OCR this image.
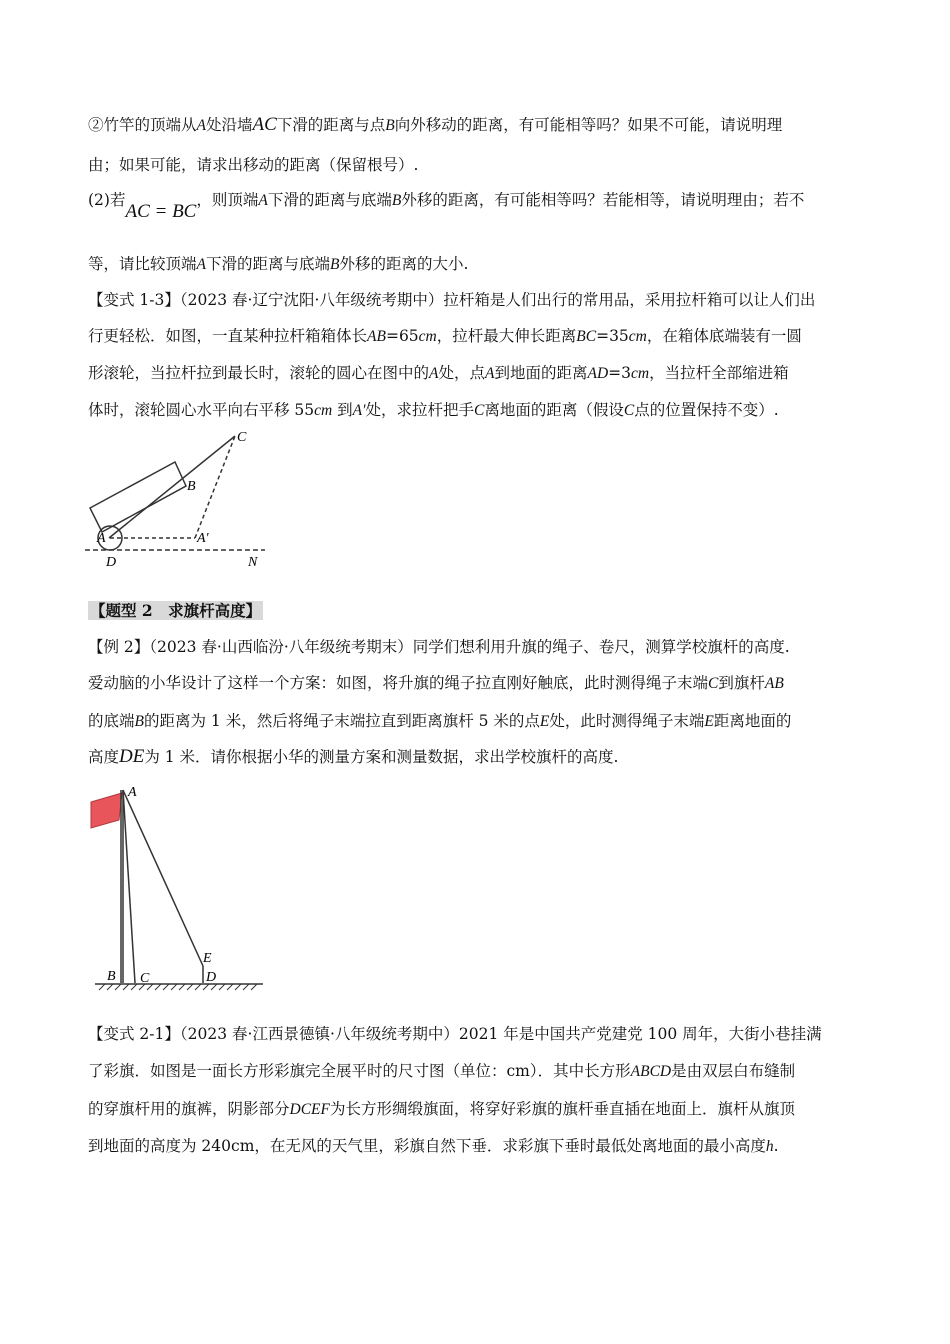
②竹竿的顶端从A处沿墙AC下滑的距离与点B向外移动的距离，有可能相等吗？如果不可能，请说明理
由；如果可能，请求出移动的距离（保留根号）.
(2)若AC = BC，则顶端A下滑的距离与底端B外移的距离，有可能相等吗？若能相等，请说明理由；若不
等，请比较顶端A下滑的距离与底端B外移的距离的大小.
【变式 1-3】（2023 春·辽宁沈阳·八年级统考期中）拉杆箱是人们出行的常用品，采用拉杆箱可以让人们出
行更轻松．如图，一直某种拉杆箱箱体长AB=65cm，拉杆最大伸长距离BC=35cm，在箱体底端装有一圆
形滚轮，当拉杆拉到最长时，滚轮的圆心在图中的A处，点A到地面的距离AD=3cm，当拉杆全部缩进箱
体时，滚轮圆心水平向右平移 55cm 到A′处，求拉杆把手C离地面的距离（假设C点的位置保持不变）.
C
B
A	A′
D	N
【题型 2　求旗杆高度】
【例 2】（2023 春·山西临汾·八年级统考期末）同学们想利用升旗的绳子、卷尺，测算学校旗杆的高度.
爱动脑的小华设计了这样一个方案：如图，将升旗的绳子拉直刚好触底，此时测得绳子末端C到旗杆AB
的底端B的距离为 1 米，然后将绳子末端拉直到距离旗杆 5 米的点E处，此时测得绳子末端E距离地面的
高度DE为 1 米．请你根据小华的测量方案和测量数据，求出学校旗杆的高度.
A
B C
E
D
【变式 2-1】（2023 春·江西景德镇·八年级统考期中）2021 年是中国共产党建党 100 周年，大街小巷挂满
了彩旗．如图是一面长方形彩旗完全展平时的尺寸图（单位：cm）．其中长方形ABCD是由双层白布缝制
的穿旗杆用的旗裤，阴影部分DCEF为长方形绸缎旗面，将穿好彩旗的旗杆垂直插在地面上．旗杆从旗顶
到地面的高度为 240cm，在无风的天气里，彩旗自然下垂．求彩旗下垂时最低处离地面的最小高度h.
